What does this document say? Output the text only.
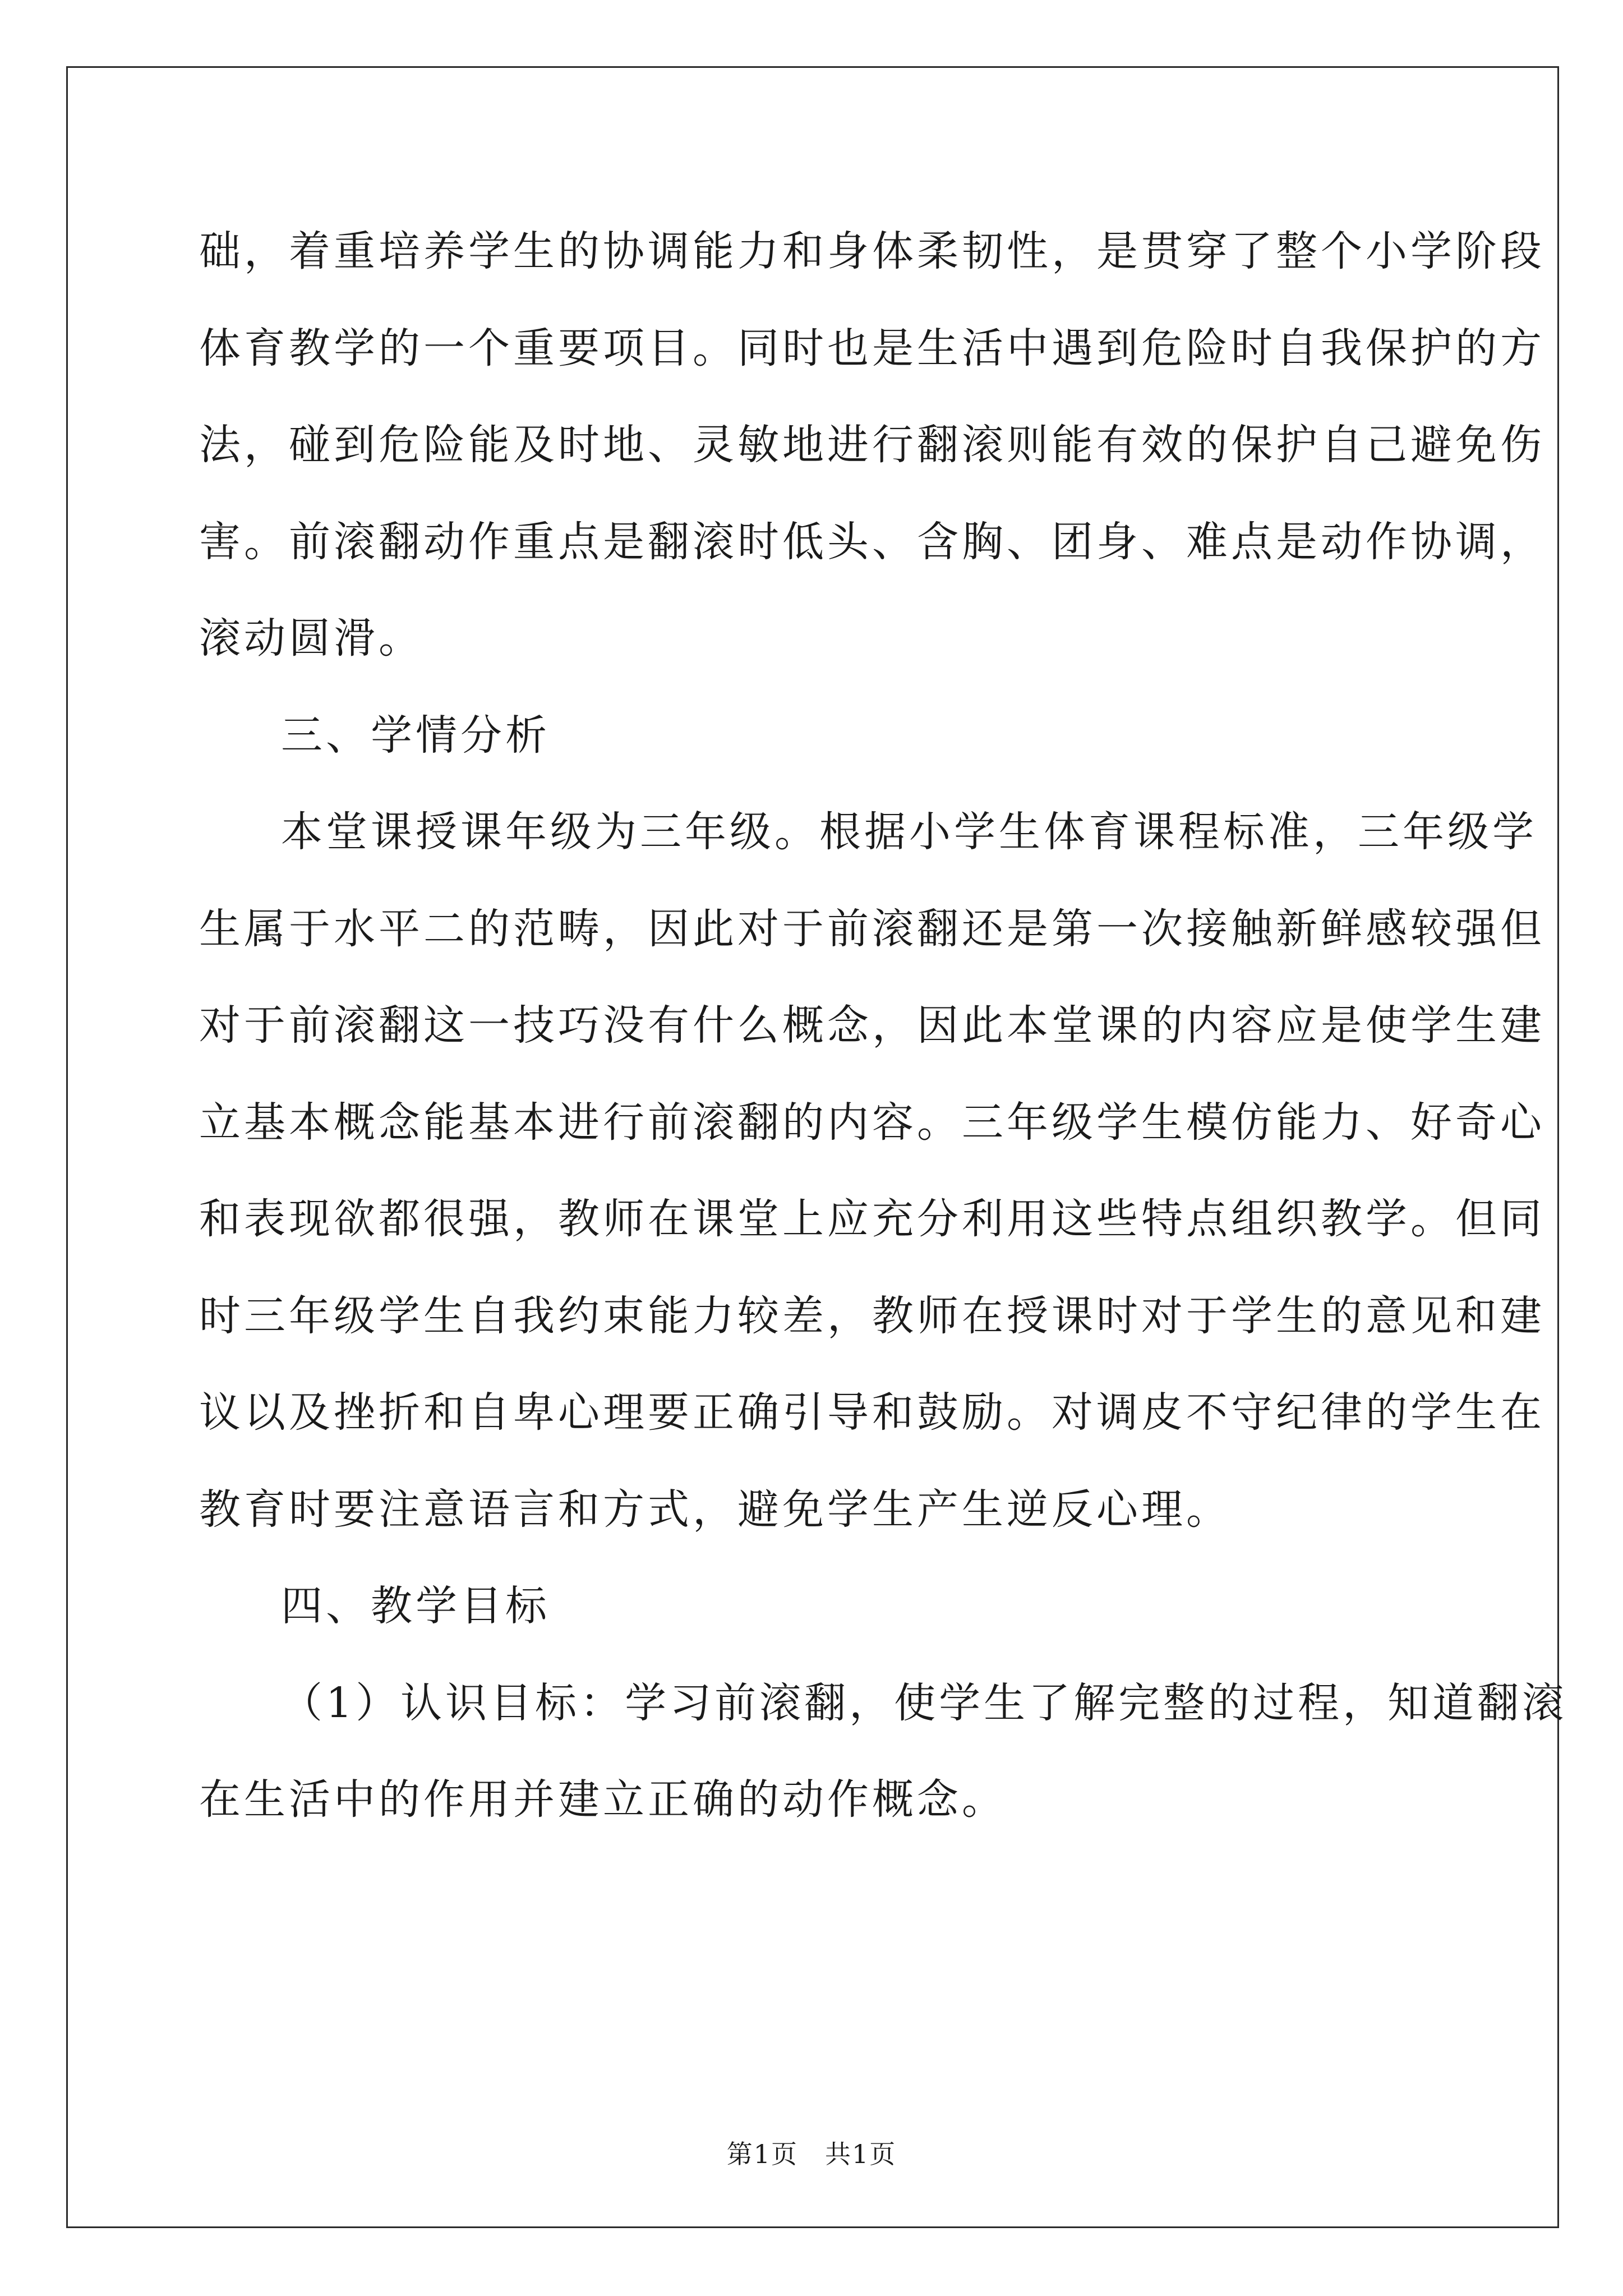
础，着重培养学生的协调能力和身体柔韧性，是贯穿了整个小学阶段
体育教学的一个重要项目。同时也是生活中遇到危险时自我保护的方
法，碰到危险能及时地、灵敏地进行翻滚则能有效的保护自己避免伤
害。前滚翻动作重点是翻滚时低头、含胸、团身、难点是动作协调，
滚动圆滑。
三、学情分析
本堂课授课年级为三年级。根据小学生体育课程标准，三年级学
生属于水平二的范畴，因此对于前滚翻还是第一次接触新鲜感较强但
对于前滚翻这一技巧没有什么概念，因此本堂课的内容应是使学生建
立基本概念能基本进行前滚翻的内容。三年级学生模仿能力、好奇心
和表现欲都很强，教师在课堂上应充分利用这些特点组织教学。但同
时三年级学生自我约束能力较差，教师在授课时对于学生的意见和建
议以及挫折和自卑心理要正确引导和鼓励。对调皮不守纪律的学生在
教育时要注意语言和方式，避免学生产生逆反心理。
四、教学目标
（1）认识目标：学习前滚翻，使学生了解完整的过程，知道翻滚
在生活中的作用并建立正确的动作概念。
第1页　共1页
